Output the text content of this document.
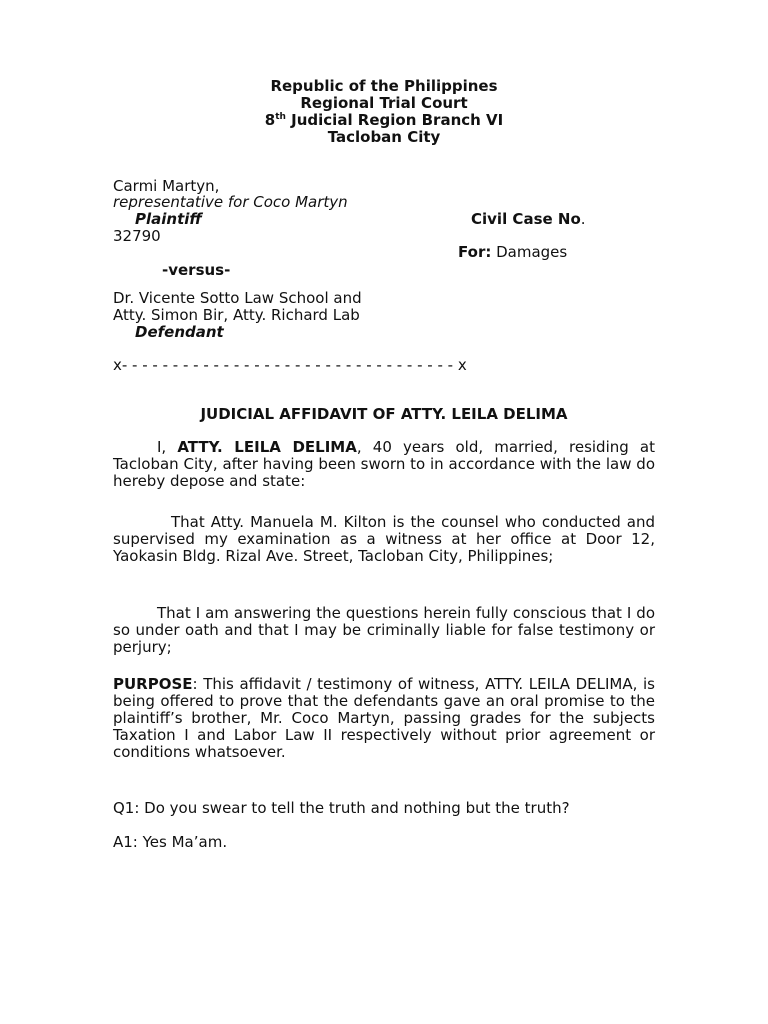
Republic of the Philippines
Regional Trial Court
8th Judicial Region Branch VI
Tacloban City
Carmi Martyn,
representative for Coco Martyn
Plaintiff	Civil Case No.
32790
For: Damages
-versus-
Dr. Vicente Sotto Law School and
Atty. Simon Bir, Atty. Richard Lab
Defendant
x- - - - - - - - - - - - - - - - - - - - - - - - - - - - - - - - - x
JUDICIAL AFFIDAVIT OF ATTY. LEILA DELIMA
I, ATTY. LEILA DELIMA, 40 years old, married, residing at Tacloban City, after having been sworn to in accordance with the law do hereby depose and state:
That Atty. Manuela M. Kilton is the counsel who conducted and supervised my examination as a witness at her office at Door 12, Yaokasin Bldg. Rizal Ave. Street, Tacloban City, Philippines;
That I am answering the questions herein fully conscious that I do so under oath and that I may be criminally liable for false testimony or perjury;
PURPOSE: This affidavit / testimony of witness, ATTY. LEILA DELIMA, is being offered to prove that the defendants gave an oral promise to the plaintiff’s brother, Mr. Coco Martyn, passing grades for the subjects Taxation I and Labor Law II respectively without prior agreement or conditions whatsoever.
Q1: Do you swear to tell the truth and nothing but the truth?
A1: Yes Ma’am.
